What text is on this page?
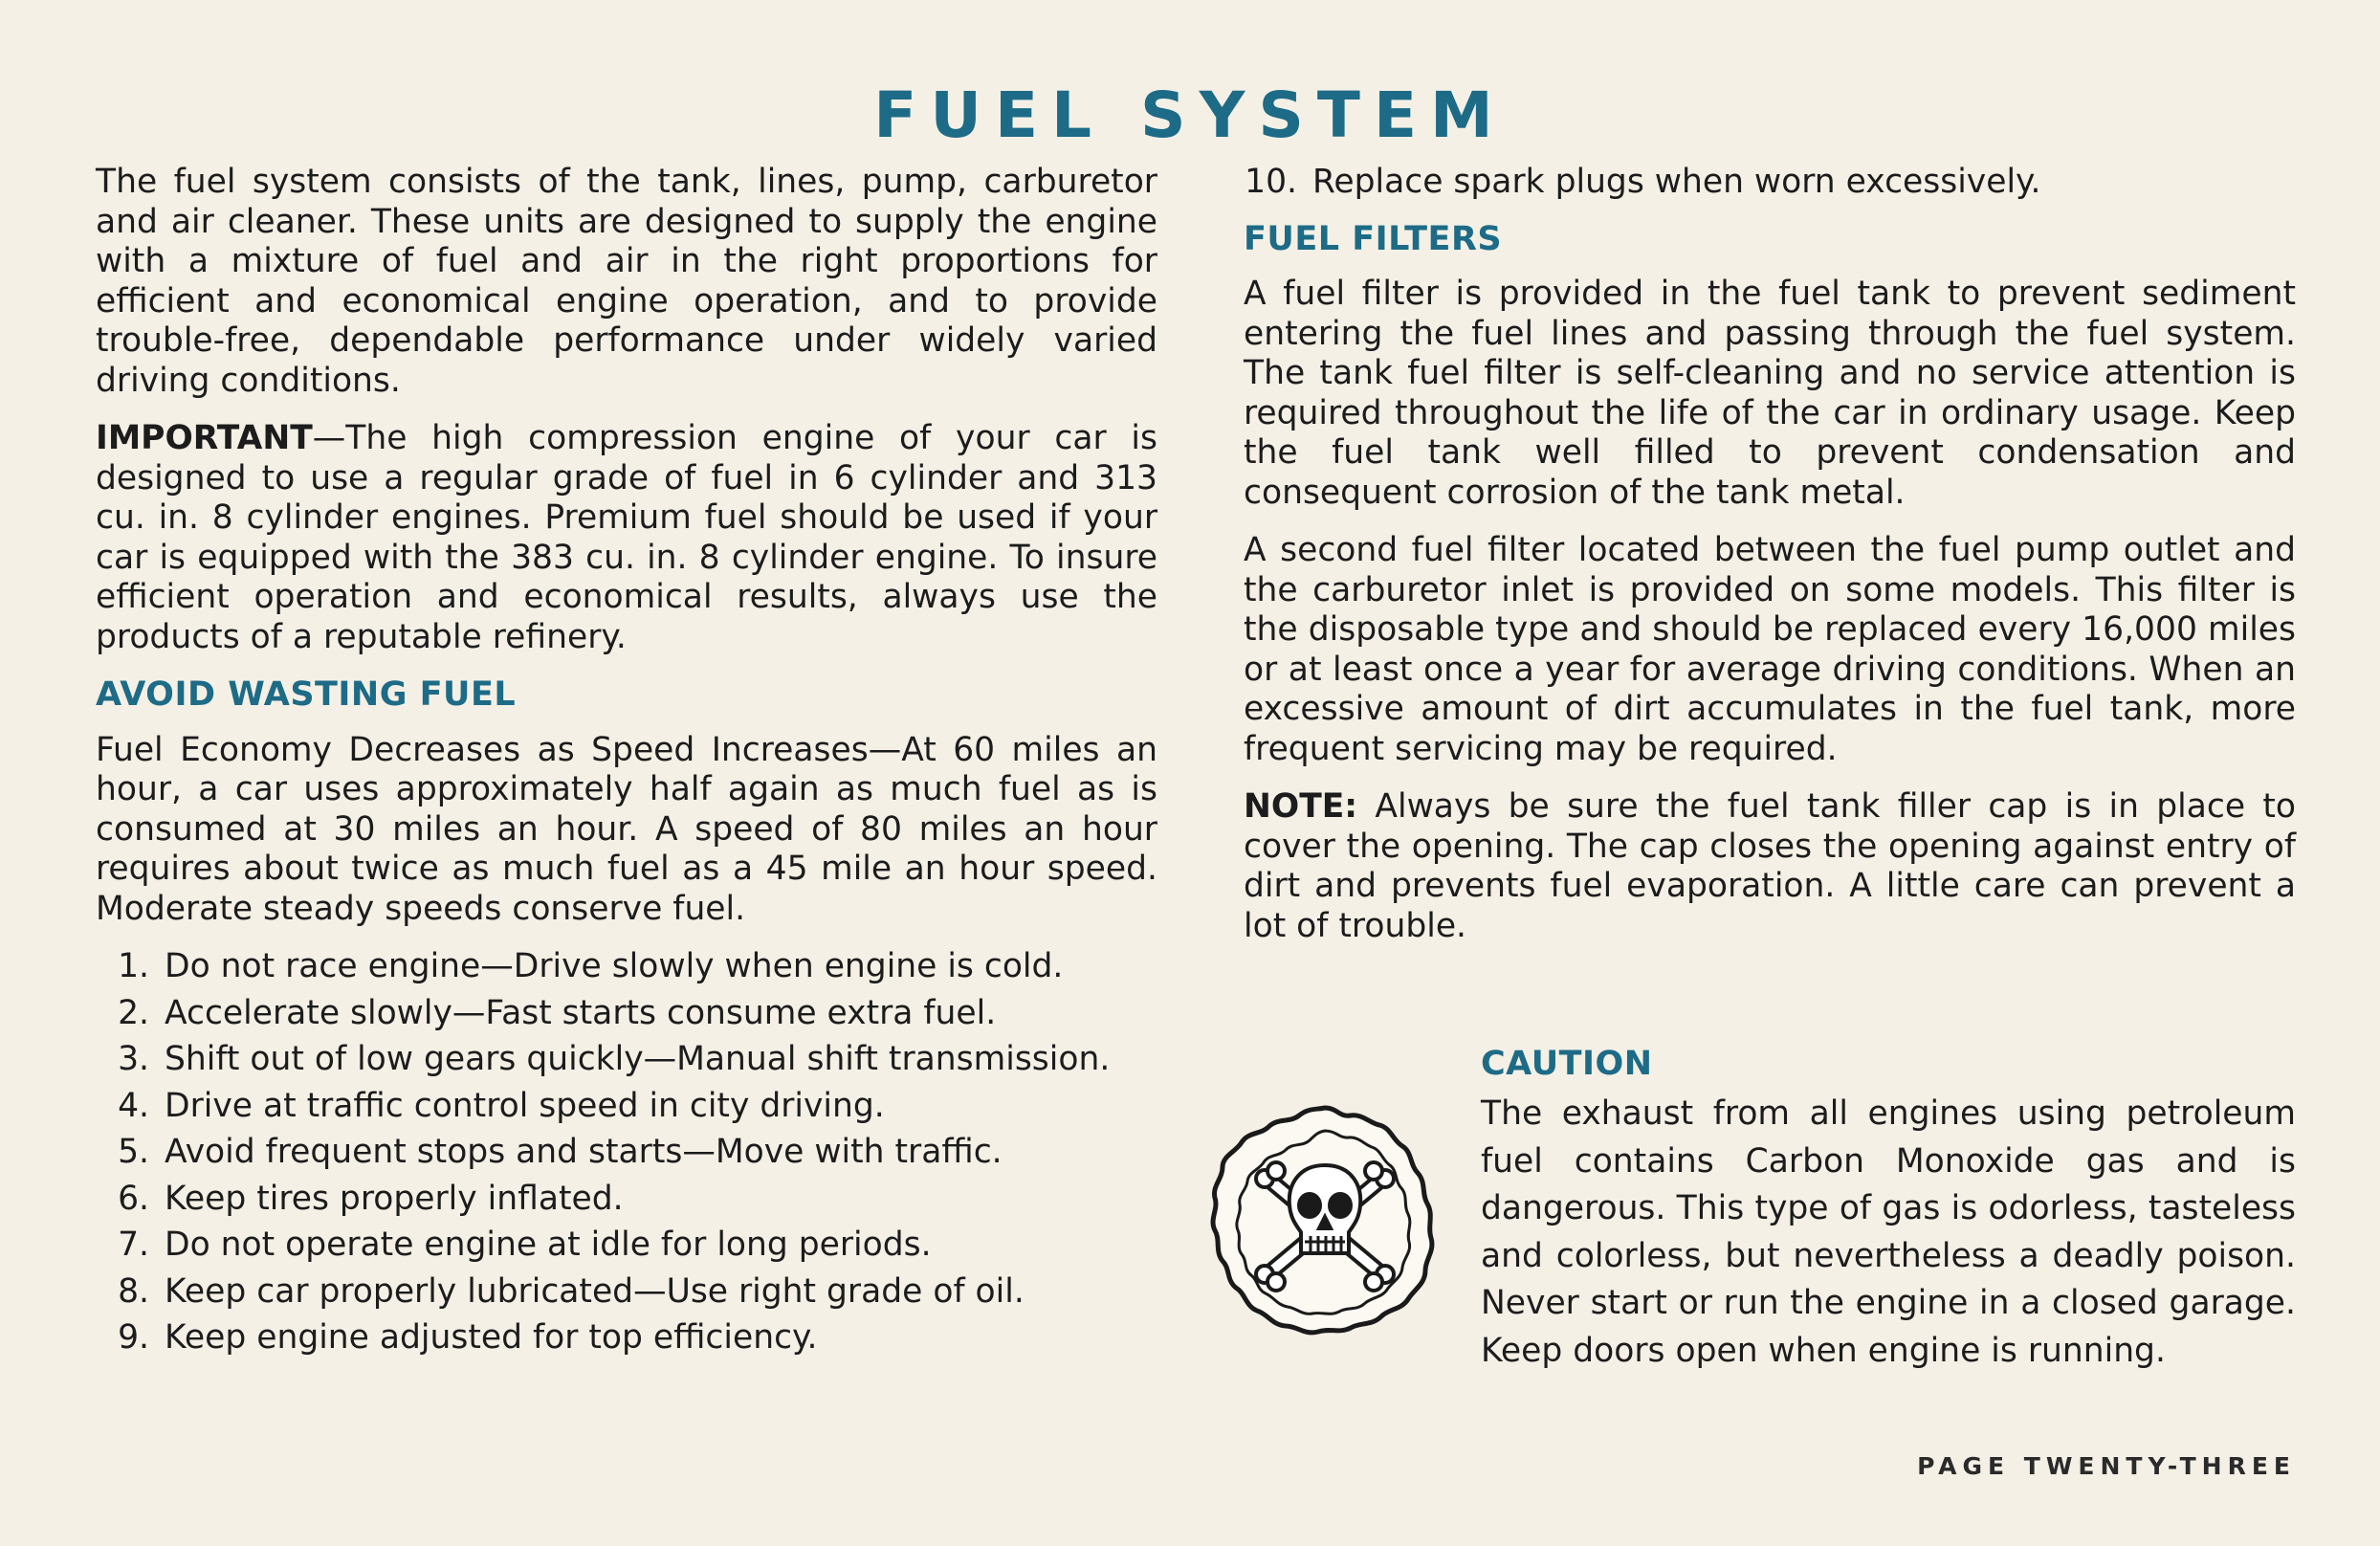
FUEL SYSTEM

The fuel system consists of the tank, lines, pump, carburetor and air cleaner. These units are designed to supply the engine with a mixture of fuel and air in the right proportions for efficient and economical engine operation, and to provide trouble-free, dependable performance under widely varied driving conditions.

IMPORTANT—The high compression engine of your car is designed to use a regular grade of fuel in 6 cylinder and 313 cu. in. 8 cylinder engines. Premium fuel should be used if your car is equipped with the 383 cu. in. 8 cylinder engine. To insure efficient operation and economical results, always use the products of a reputable refinery.

AVOID WASTING FUEL

Fuel Economy Decreases as Speed Increases—At 60 miles an hour, a car uses approximately half again as much fuel as is consumed at 30 miles an hour. A speed of 80 miles an hour requires about twice as much fuel as a 45 mile an hour speed. Moderate steady speeds conserve fuel.

1. Do not race engine—Drive slowly when engine is cold.
2. Accelerate slowly—Fast starts consume extra fuel.
3. Shift out of low gears quickly—Manual shift transmission.
4. Drive at traffic control speed in city driving.
5. Avoid frequent stops and starts—Move with traffic.
6. Keep tires properly inflated.
7. Do not operate engine at idle for long periods.
8. Keep car properly lubricated—Use right grade of oil.
9. Keep engine adjusted for top efficiency.
10. Replace spark plugs when worn excessively.
FUEL FILTERS

A fuel filter is provided in the fuel tank to prevent sediment entering the fuel lines and passing through the fuel system. The tank fuel filter is self-cleaning and no service attention is required throughout the life of the car in ordinary usage. Keep the fuel tank well filled to prevent condensation and consequent corrosion of the tank metal.

A second fuel filter located between the fuel pump outlet and the carburetor inlet is provided on some models. This filter is the disposable type and should be replaced every 16,000 miles or at least once a year for average driving conditions. When an excessive amount of dirt accumulates in the fuel tank, more frequent servicing may be required.

NOTE: Always be sure the fuel tank filler cap is in place to cover the opening. The cap closes the opening against entry of dirt and prevents fuel evaporation. A little care can prevent a lot of trouble.

CAUTION

The exhaust from all engines using petroleum fuel contains Carbon Monoxide gas and is dangerous. This type of gas is odorless, tasteless and colorless, but nevertheless a deadly poison. Never start or run the engine in a closed garage. Keep doors open when engine is running.

PAGE TWENTY-THREE
